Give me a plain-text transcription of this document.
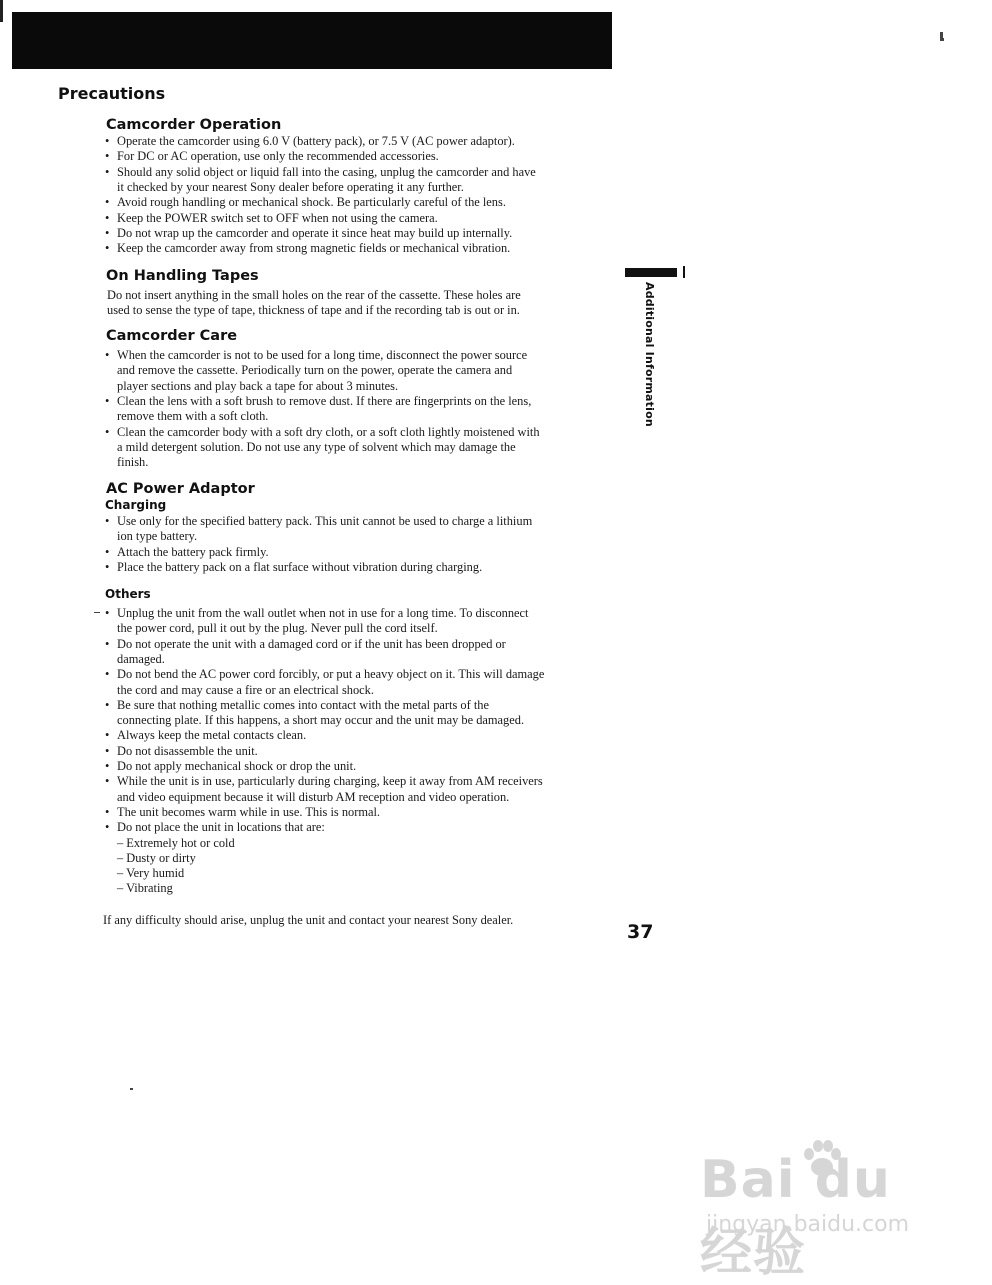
Precautions
Camcorder Operation
• Operate the camcorder using 6.0 V (battery pack), or 7.5 V (AC power adaptor).
• For DC or AC operation, use only the recommended accessories.
• Should any solid object or liquid fall into the casing, unplug the camcorder and have
it checked by your nearest Sony dealer before operating it any further.
• Avoid rough handling or mechanical shock. Be particularly careful of the lens.
• Keep the POWER switch set to OFF when not using the camera.
• Do not wrap up the camcorder and operate it since heat may build up internally.
• Keep the camcorder away from strong magnetic fields or mechanical vibration.
On Handling Tapes
Do not insert anything in the small holes on the rear of the cassette. These holes are
used to sense the type of tape, thickness of tape and if the recording tab is out or in.
Camcorder Care
• When the camcorder is not to be used for a long time, disconnect the power source
and remove the cassette. Periodically turn on the power, operate the camera and
player sections and play back a tape for about 3 minutes.
• Clean the lens with a soft brush to remove dust. If there are fingerprints on the lens,
remove them with a soft cloth.
• Clean the camcorder body with a soft dry cloth, or a soft cloth lightly moistened with
a mild detergent solution. Do not use any type of solvent which may damage the
finish.
AC Power Adaptor
Charging
• Use only for the specified battery pack. This unit cannot be used to charge a lithium
ion type battery.
• Attach the battery pack firmly.
• Place the battery pack on a flat surface without vibration during charging.
Others
• Unplug the unit from the wall outlet when not in use for a long time. To disconnect
the power cord, pull it out by the plug. Never pull the cord itself.
• Do not operate the unit with a damaged cord or if the unit has been dropped or
damaged.
• Do not bend the AC power cord forcibly, or put a heavy object on it. This will damage
the cord and may cause a fire or an electrical shock.
• Be sure that nothing metallic comes into contact with the metal parts of the
connecting plate. If this happens, a short may occur and the unit may be damaged.
• Always keep the metal contacts clean.
• Do not disassemble the unit.
• Do not apply mechanical shock or drop the unit.
• While the unit is in use, particularly during charging, keep it away from AM receivers
and video equipment because it will disturb AM reception and video operation.
• The unit becomes warm while in use. This is normal.
• Do not place the unit in locations that are:
– Extremely hot or cold
– Dusty or dirty
– Very humid
– Vibrating
Additional Information
If any difficulty should arise, unplug the unit and contact your nearest Sony dealer.
37
Bai du 经验
jingyan.baidu.com
